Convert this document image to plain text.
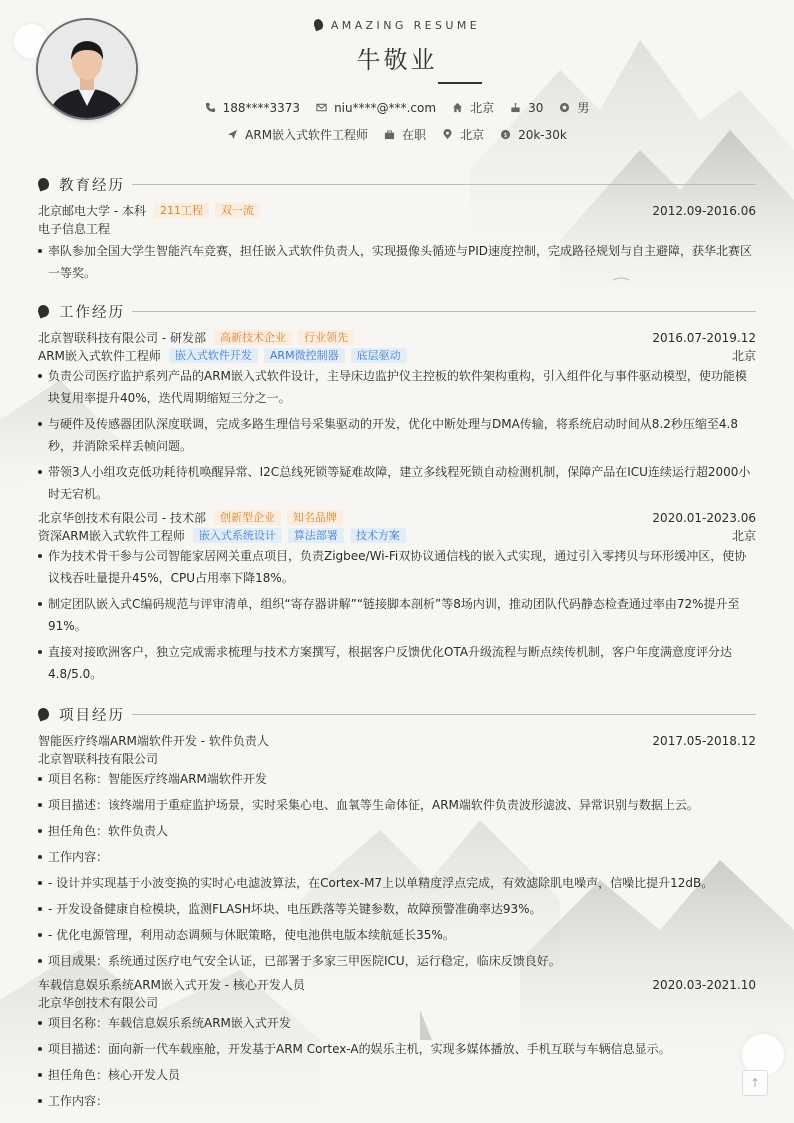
AMAZING RESUME
牛敬业
188****3373	niu****@***.com	北京	30	男
ARM嵌入式软件工程师	在职	北京	$ 20k-30k
教育经历
北京邮电大学 - 本科 211工程 双一流	2012.09-2016.06
电子信息工程
率队参加全国大学生智能汽车竞赛，担任嵌入式软件负责人，实现摄像头循迹与PID速度控制，完成路径规划与自主避障，获华北赛区一等奖。
工作经历
北京智联科技有限公司 - 研发部 高新技术企业 行业领先	2016.07-2019.12
ARM嵌入式软件工程师 嵌入式软件开发 ARM微控制器 底层驱动	北京
负责公司医疗监护系列产品的ARM嵌入式软件设计，主导床边监护仪主控板的软件架构重构，引入组件化与事件驱动模型，使功能模块复用率提升40%，迭代周期缩短三分之一。
与硬件及传感器团队深度联调，完成多路生理信号采集驱动的开发，优化中断处理与DMA传输，将系统启动时间从8.2秒压缩至4.8秒，并消除采样丢帧问题。
带领3人小组攻克低功耗待机唤醒异常、I2C总线死锁等疑难故障，建立多线程死锁自动检测机制，保障产品在ICU连续运行超2000小时无宕机。
北京华创技术有限公司 - 技术部 创新型企业 知名品牌	2020.01-2023.06
资深ARM嵌入式软件工程师 嵌入式系统设计 算法部署 技术方案	北京
作为技术骨干参与公司智能家居网关重点项目，负责Zigbee/Wi-Fi双协议通信栈的嵌入式实现，通过引入零拷贝与环形缓冲区，使协议栈吞吐量提升45%，CPU占用率下降18%。
制定团队嵌入式C编码规范与评审清单，组织“寄存器讲解”“链接脚本剖析”等8场内训，推动团队代码静态检查通过率由72%提升至91%。
直接对接欧洲客户，独立完成需求梳理与技术方案撰写，根据客户反馈优化OTA升级流程与断点续传机制，客户年度满意度评分达4.8/5.0。
项目经历
智能医疗终端ARM端软件开发 - 软件负责人	2017.05-2018.12
北京智联科技有限公司
项目名称：智能医疗终端ARM端软件开发
项目描述：该终端用于重症监护场景，实时采集心电、血氧等生命体征，ARM端软件负责波形滤波、异常识别与数据上云。
担任角色：软件负责人
工作内容：
- 设计并实现基于小波变换的实时心电滤波算法，在Cortex-M7上以单精度浮点完成，有效滤除肌电噪声，信噪比提升12dB。
- 开发设备健康自检模块，监测FLASH坏块、电压跌落等关键参数，故障预警准确率达93%。
- 优化电源管理，利用动态调频与休眠策略，使电池供电版本续航延长35%。
项目成果：系统通过医疗电气安全认证，已部署于多家三甲医院ICU，运行稳定，临床反馈良好。
车载信息娱乐系统ARM嵌入式开发 - 核心开发人员	2020.03-2021.10
北京华创技术有限公司
项目名称：车载信息娱乐系统ARM嵌入式开发
项目描述：面向新一代车载座舱，开发基于ARM Cortex-A的娱乐主机，实现多媒体播放、手机互联与车辆信息显示。
担任角色：核心开发人员
工作内容：
↑
